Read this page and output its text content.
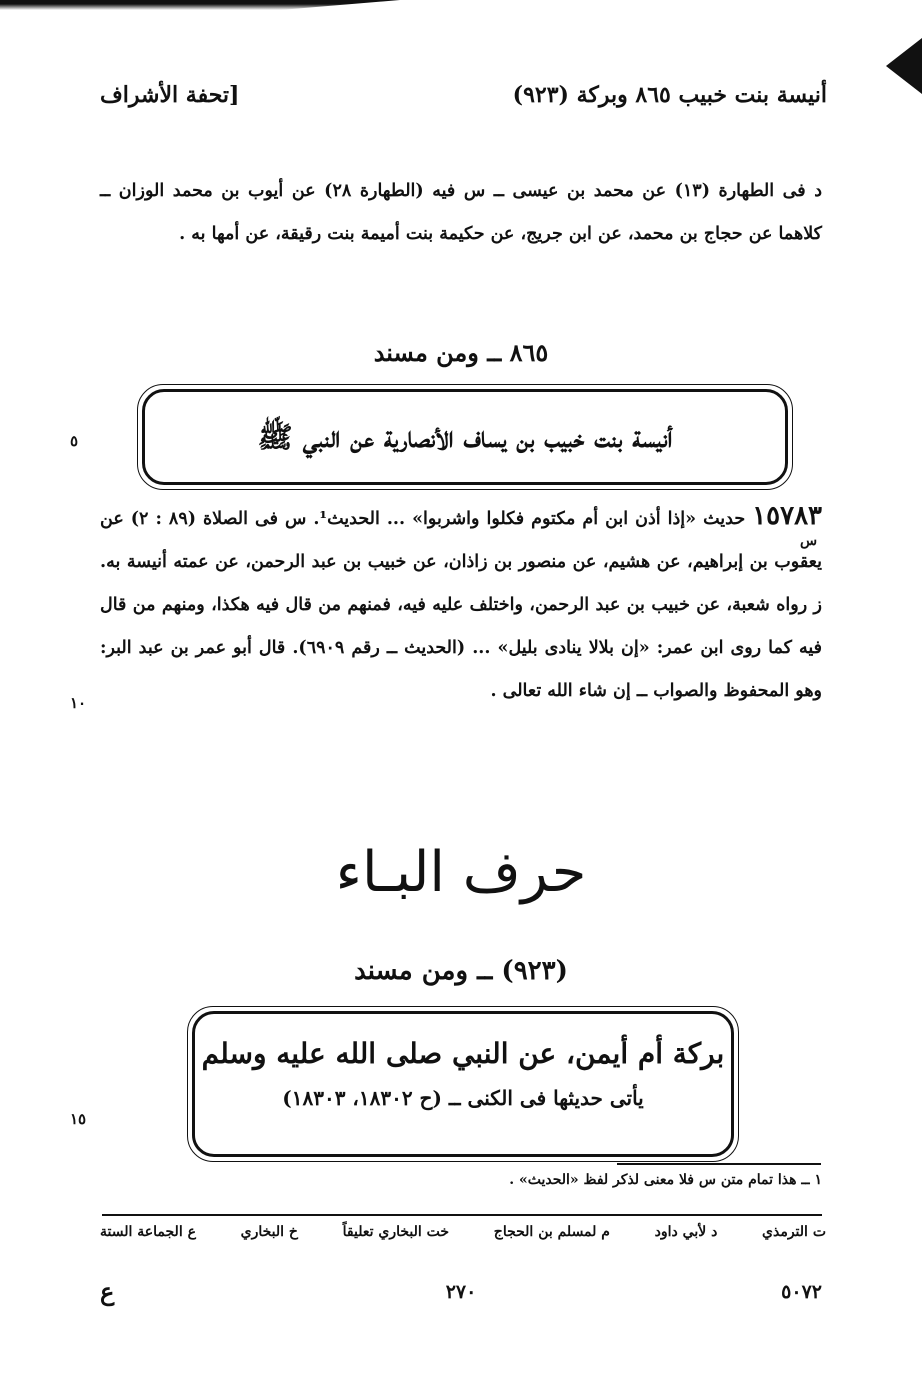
أنيسة بنت خبيب ٨٦٥ وبركة (٩٢٣)
[تحفة الأشراف
د فى الطهارة (١٣) عن محمد بن عيسى ــ س فيه (الطهارة ٢٨) عن أيوب بن محمد الوزان ــ كلاهما عن حجاج بن محمد، عن ابن جريج، عن حكيمة بنت أميمة بنت رقيقة، عن أمها به .
٨٦٥ ــ ومن مسند
أنيسة بنت خبيب بن يساف الأنصارية عن النبي ﷺ
٥
س
١٠
١٥٧٨٣ حديث «إذا أذن ابن أم مكتوم فكلوا واشربوا» ... الحديث¹. س فى الصلاة (٨٩ : ٢) عن يعقوب بن إبراهيم، عن هشيم، عن منصور بن زاذان، عن خبيب بن عبد الرحمن، عن عمته أنيسة به. ز رواه شعبة، عن خبيب بن عبد الرحمن، واختلف عليه فيه، فمنهم من قال فيه هكذا، ومنهم من قال فيه كما روى ابن عمر: «إن بلالا ينادى بليل» ... (الحديث ــ رقم ٦٩٠٩). قال أبو عمر بن عبد البر: وهو المحفوظ والصواب ــ إن شاء الله تعالى .
حرف البـاء
(٩٢٣) ــ ومن مسند
بركة أم أيمن، عن النبي صلى الله عليه وسلم
يأتى حديثها فى الكنى ــ (ح ١٨٣٠٢، ١٨٣٠٣)
١٥
١ ــ هذا تمام متن س فلا معنى لذكر لفظ «الحديث» .
ع الجماعة الستة	خ البخاري	خت البخاري تعليقاً	م لمسلم بن الحجاج	د لأبي داود	ت الترمذي
٥٠٧٢
٢٧٠
ع
